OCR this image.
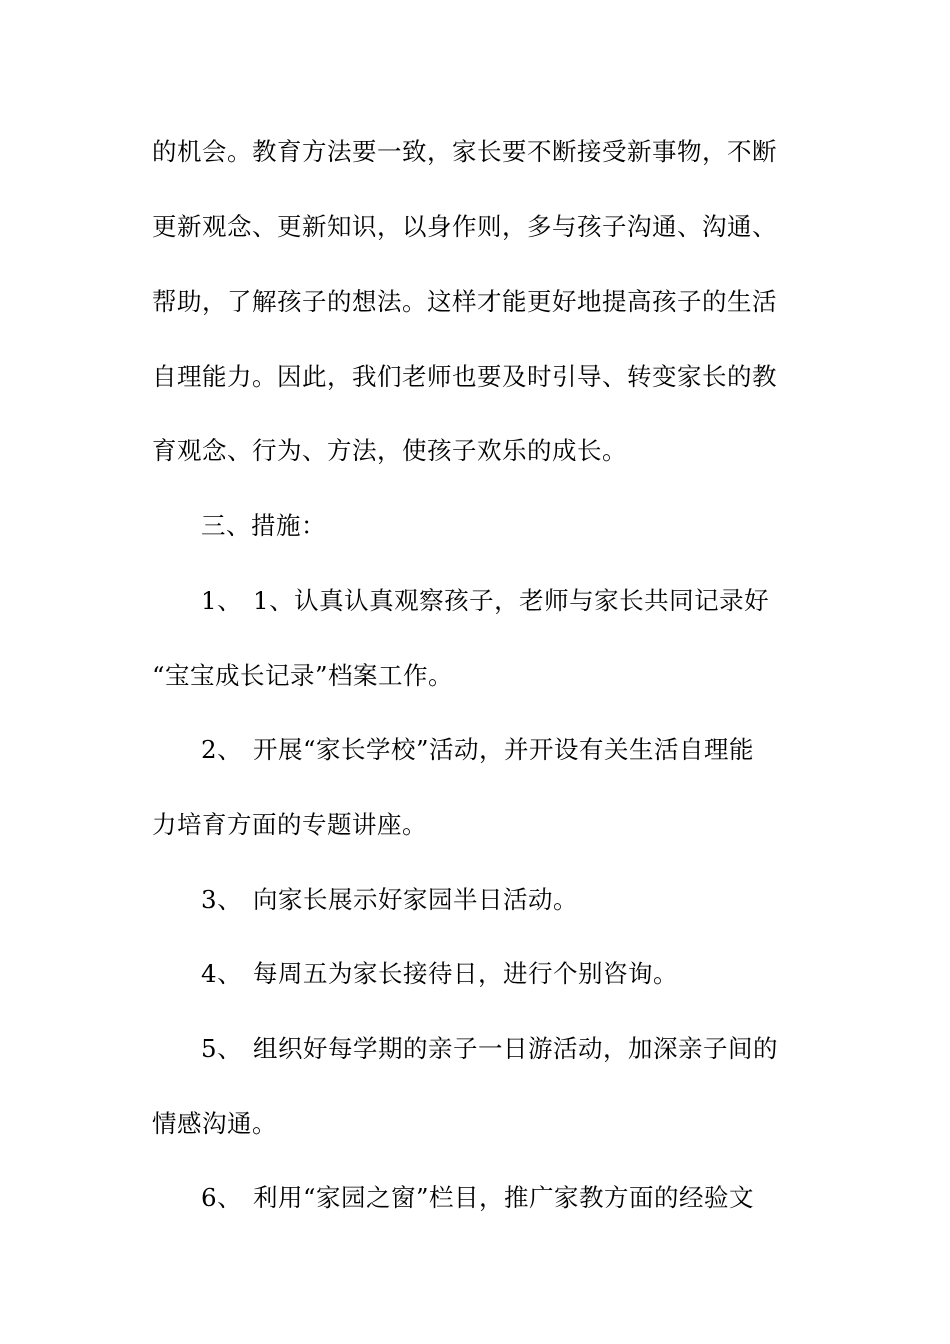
的机会。教育方法要一致，家长要不断接受新事物，不断
更新观念、更新知识，以身作则，多与孩子沟通、沟通、
帮助，了解孩子的想法。这样才能更好地提高孩子的生活
自理能力。因此，我们老师也要及时引导、转变家长的教
育观念、行为、方法，使孩子欢乐的成长。
三、措施：
1、 1、认真认真观察孩子，老师与家长共同记录好
“宝宝成长记录”档案工作。
2、 开展“家长学校”活动，并开设有关生活自理能
力培育方面的专题讲座。
3、 向家长展示好家园半日活动。
4、 每周五为家长接待日，进行个别咨询。
5、 组织好每学期的亲子一日游活动，加深亲子间的
情感沟通。
6、 利用“家园之窗”栏目，推广家教方面的经验文
